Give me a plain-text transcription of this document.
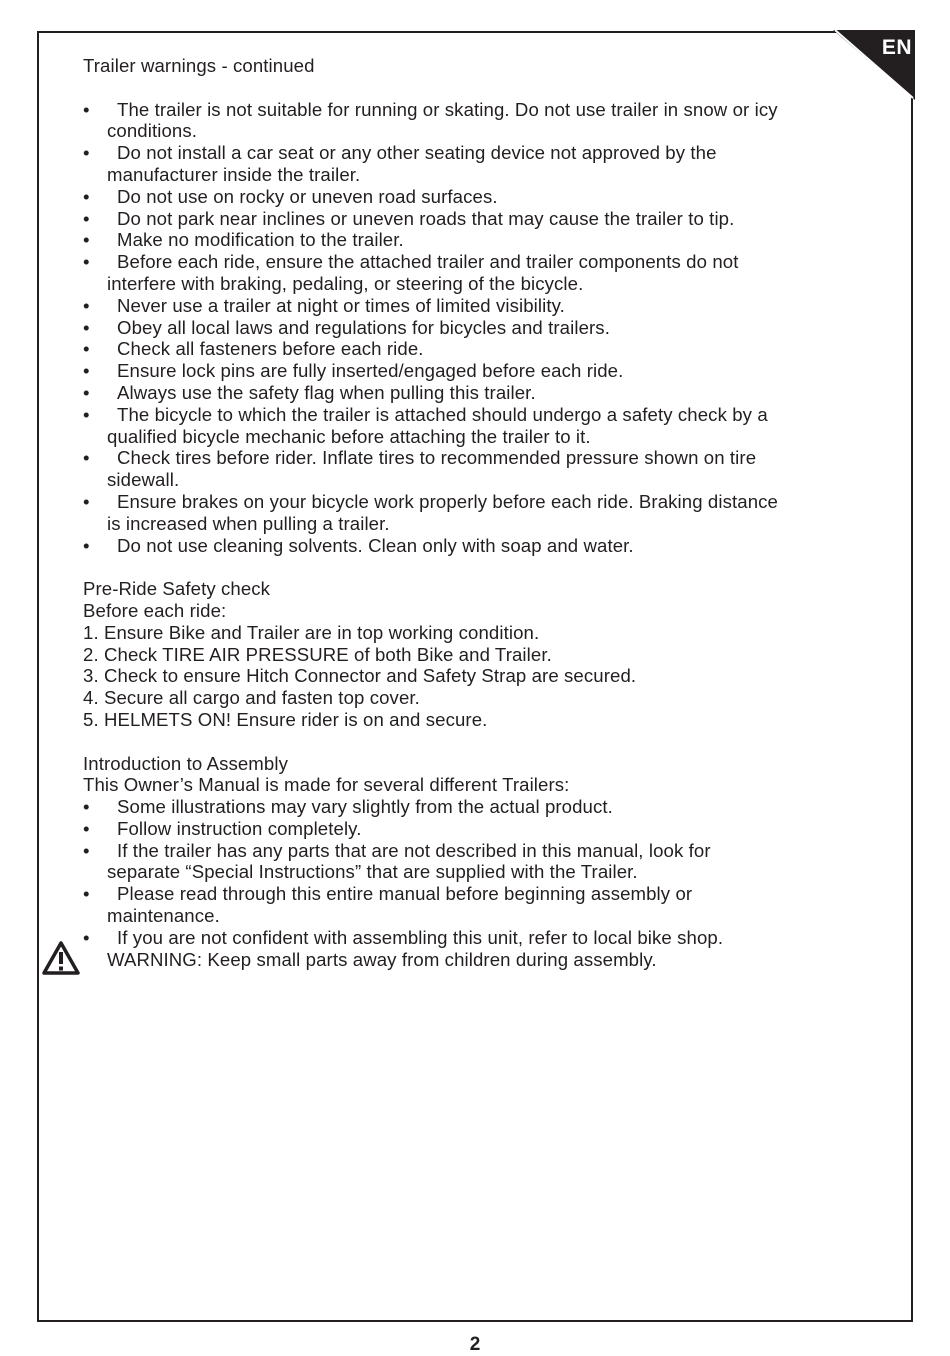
EN
Trailer warnings - continued
•	The trailer is not suitable for running or skating. Do not use trailer in snow or icy
conditions.
•	Do not install a car seat or any other seating device not approved by the
manufacturer inside the trailer.
•	Do not use on rocky or uneven road surfaces.
•	Do not park near inclines or uneven roads that may cause the trailer to tip.
•	Make no modification to the trailer.
•	Before each ride, ensure the attached trailer and trailer components do not
interfere with braking, pedaling, or steering of the bicycle.
•	Never use a trailer at night or times of limited visibility.
•	Obey all local laws and regulations for bicycles and trailers.
•	Check all fasteners before each ride.
•	Ensure lock pins are fully inserted/engaged before each ride.
•	Always use the safety flag when pulling this trailer.
•	The bicycle to which the trailer is attached should undergo a safety check by a
qualified bicycle mechanic before attaching the trailer to it.
•	Check tires before rider. Inflate tires to recommended pressure shown on tire
sidewall.
•	Ensure brakes on your bicycle work properly before each ride. Braking distance
is increased when pulling a trailer.
•	Do not use cleaning solvents. Clean only with soap and water.
Pre-Ride Safety check
Before each ride:
1. Ensure Bike and Trailer are in top working condition.
2. Check TIRE AIR PRESSURE of both Bike and Trailer.
3. Check to ensure Hitch Connector and Safety Strap are secured.
4. Secure all cargo and fasten top cover.
5. HELMETS ON! Ensure rider is on and secure.
Introduction to Assembly
This Owner’s Manual is made for several different Trailers:
•	Some illustrations may vary slightly from the actual product.
•	Follow instruction completely.
•	If the trailer has any parts that are not described in this manual, look for
separate “Special Instructions” that are supplied with the Trailer.
•	Please read through this entire manual before beginning assembly or
maintenance.
•	If you are not confident with assembling this unit, refer to local bike shop.
WARNING: Keep small parts away from children during assembly.
2
